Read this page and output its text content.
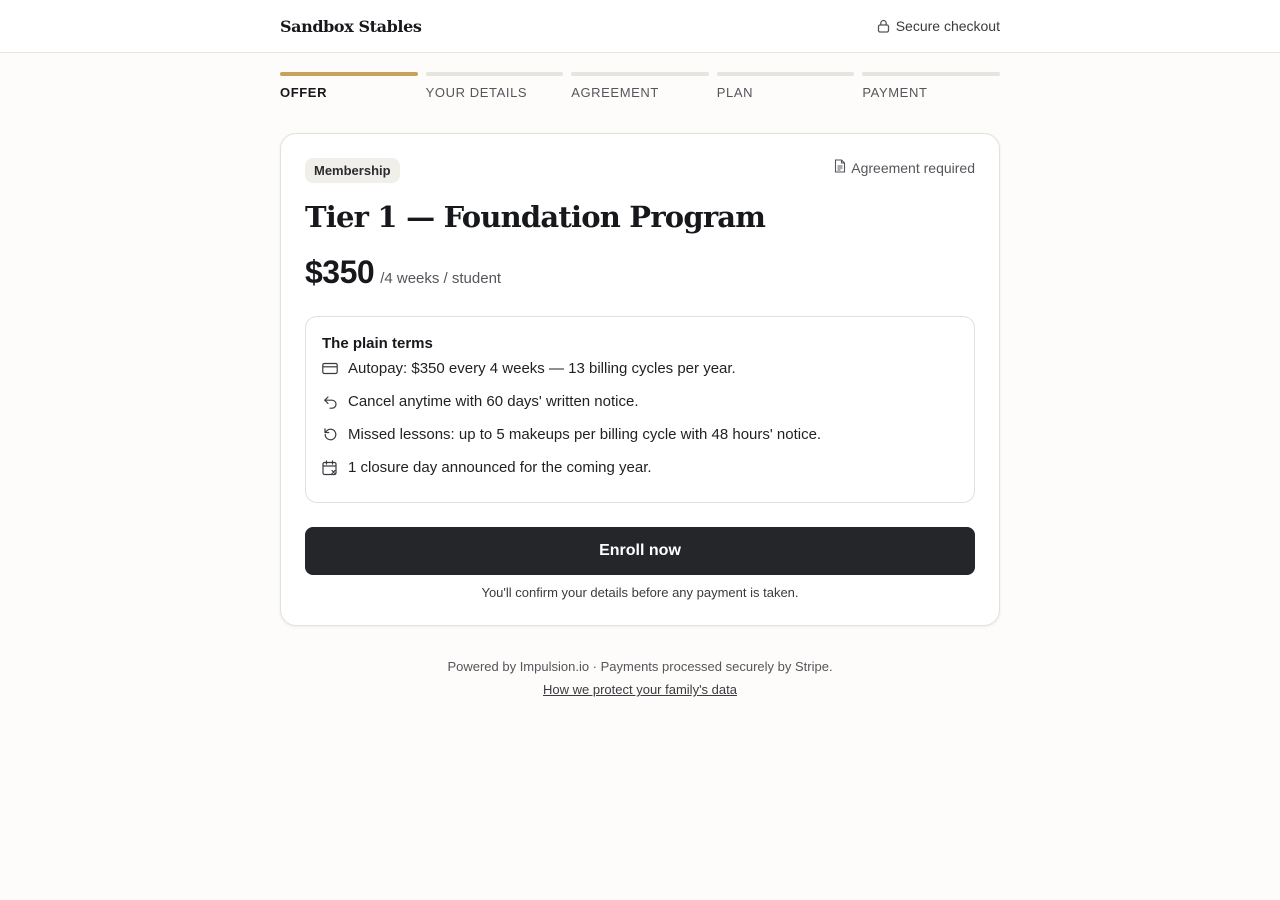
Sandbox Stables	Secure checkout
OFFER	YOUR DETAILS	AGREEMENT	PLAN	PAYMENT
Membership	Agreement required
Tier 1 — Foundation Program
$350 /4 weeks / student
The plain terms
Autopay: $350 every 4 weeks — 13 billing cycles per year.
Cancel anytime with 60 days' written notice.
Missed lessons: up to 5 makeups per billing cycle with 48 hours' notice.
1 closure day announced for the coming year.
Enroll now
You'll confirm your details before any payment is taken.
Powered by Impulsion.io · Payments processed securely by Stripe.
How we protect your family's data
